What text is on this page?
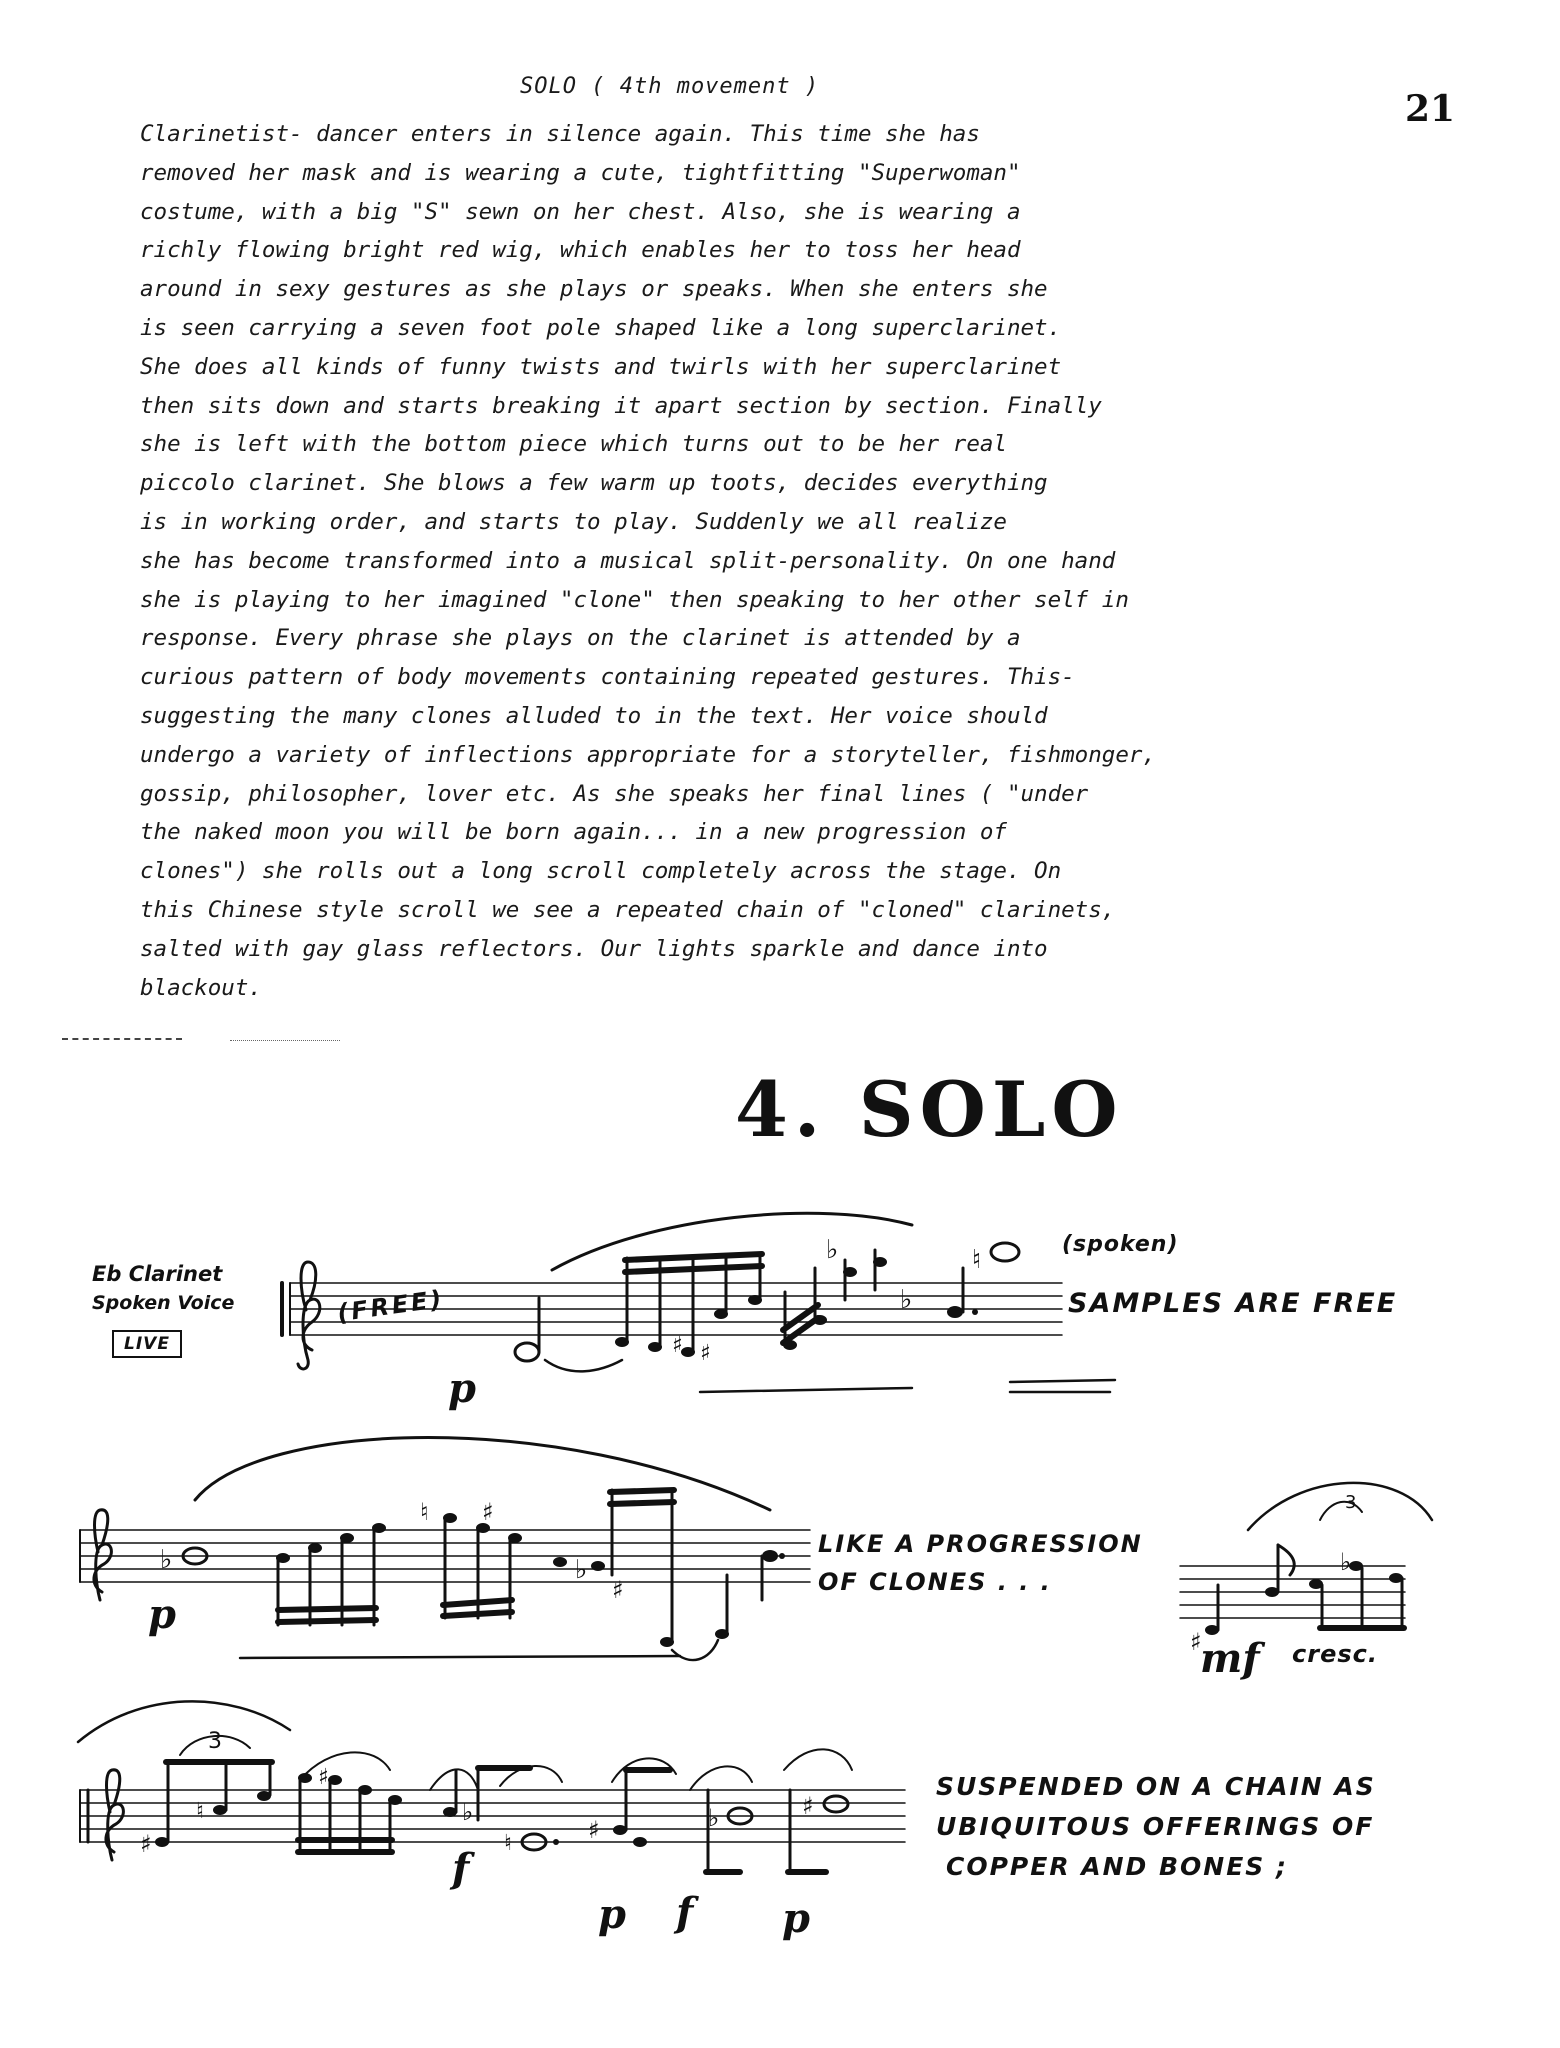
SOLO ( 4th movement )
21
Clarinetist- dancer enters in silence again. This time she has
removed her mask and is wearing a cute, tightfitting "Superwoman"
costume, with a big "S" sewn on her chest. Also, she is wearing a
richly flowing bright red wig, which enables her to toss her head
around in sexy gestures as she plays or speaks. When she enters she
is seen carrying a seven foot pole shaped like a long superclarinet.
She does all kinds of funny twists and twirls with her superclarinet
then sits down and starts breaking it apart section by section. Finally
she is left with the bottom piece which turns out to be her real
piccolo clarinet. She blows a few warm up toots, decides everything
is in working order, and starts to play. Suddenly we all realize
she has become transformed into a musical split-personality. On one hand
she is playing to her imagined "clone" then speaking to her other self in
response. Every phrase she plays on the clarinet is attended by a
curious pattern of body movements containing repeated gestures. This-
suggesting the many clones alluded to in the text. Her voice should
undergo a variety of inflections appropriate for a storyteller, fishmonger,
gossip, philosopher, lover etc. As she speaks her final lines ( "under
the naked moon you will be born again... in a new progression of
clones") she rolls out a long scroll completely across the stage. On
this Chinese style scroll we see a repeated chain of "cloned" clarinets,
salted with gay glass reflectors. Our lights sparkle and dance into
blackout.
4. SOLO
♯ ♯
♭
♭
♮
♭
♮ ♯
♭
♯
♯
♭
3
3
♯
♮
♯
♭
♮	♯	♭	♯
p
p
mf
f
p f p
Eb Clarinet
Spoken Voice
LIVE
(FREE)
(spoken)
SAMPLES ARE FREE
LIKE A PROGRESSION
OF CLONES . . .
cresc.
SUSPENDED ON A CHAIN AS
UBIQUITOUS OFFERINGS OF
COPPER AND BONES ;
